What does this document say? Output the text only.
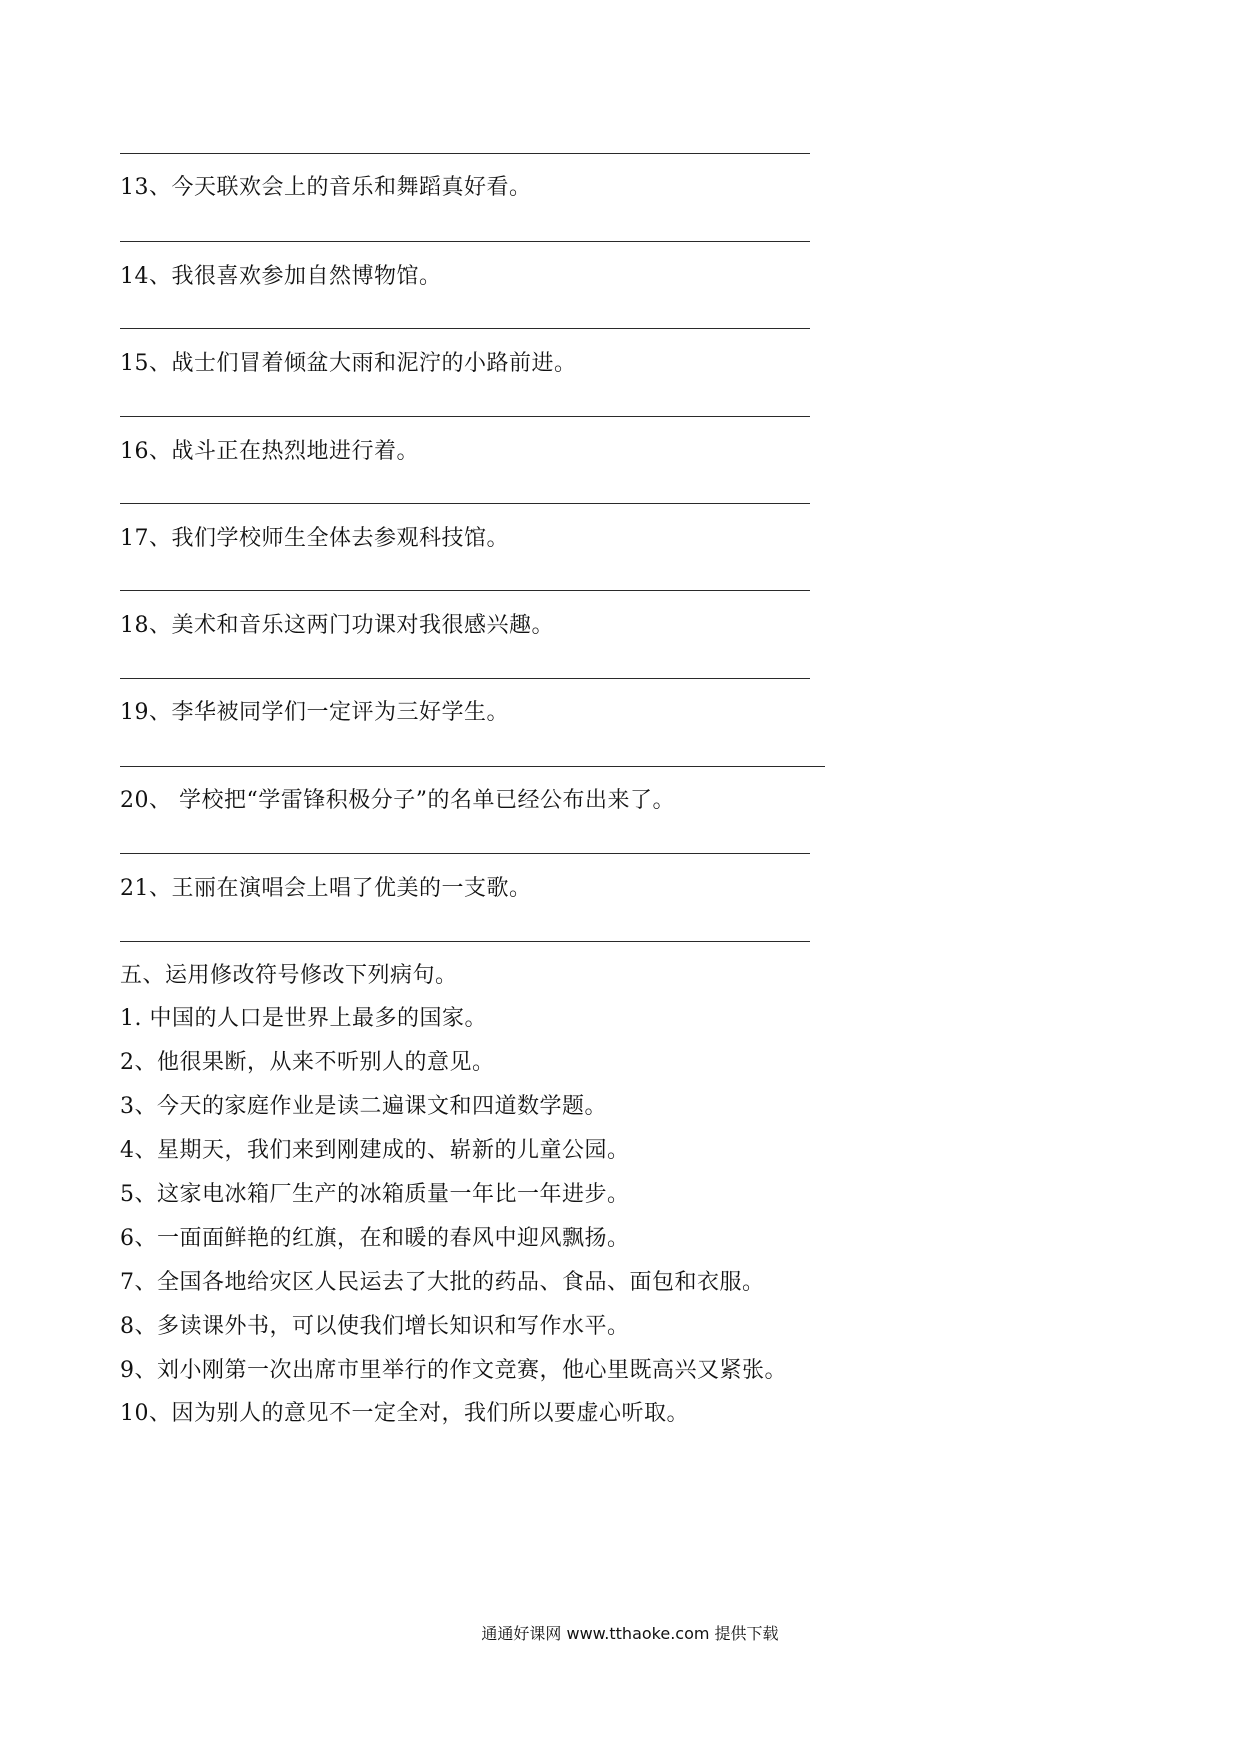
13、今天联欢会上的音乐和舞蹈真好看。
14、我很喜欢参加自然博物馆。
15、战士们冒着倾盆大雨和泥泞的小路前进。
16、战斗正在热烈地进行着。
17、我们学校师生全体去参观科技馆。
18、美术和音乐这两门功课对我很感兴趣。
19、李华被同学们一定评为三好学生。
20、 学校把“学雷锋积极分子”的名单已经公布出来了。
21、王丽在演唱会上唱了优美的一支歌。
五、运用修改符号修改下列病句。
1. 中国的人口是世界上最多的国家。
2、他很果断，从来不听别人的意见。
3、今天的家庭作业是读二遍课文和四道数学题。
4、星期天，我们来到刚建成的、崭新的儿童公园。
5、这家电冰箱厂生产的冰箱质量一年比一年进步。
6、一面面鲜艳的红旗，在和暖的春风中迎风飘扬。
7、全国各地给灾区人民运去了大批的药品、食品、面包和衣服。
8、多读课外书，可以使我们增长知识和写作水平。
9、刘小刚第一次出席市里举行的作文竞赛，他心里既高兴又紧张。
10、因为别人的意见不一定全对，我们所以要虚心听取。
通通好课网 www.tthaoke.com 提供下载
